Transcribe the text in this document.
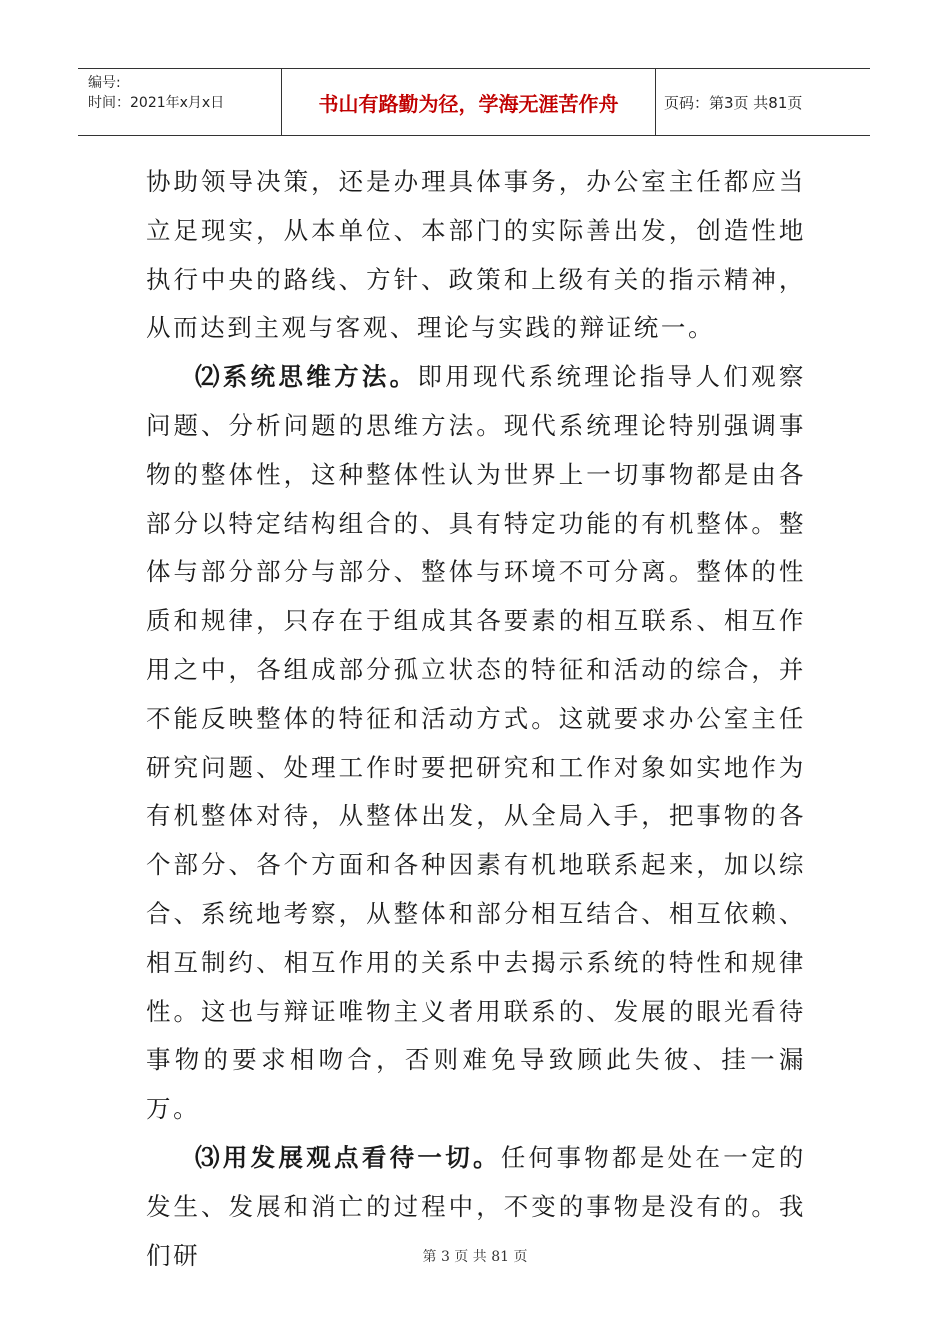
编号:
时间：2021年x月x日	书山有路勤为径，学海无涯苦作舟	页码：第3页 共81页

协助领导决策，还是办理具体事务，办公室主任都应当立足现实，从本单位、本部门的实际善出发，创造性地执行中央的路线、方针、政策和上级有关的指示精神，从而达到主观与客观、理论与实践的辩证统一。

⑵系统思维方法。即用现代系统理论指导人们观察问题、分析问题的思维方法。现代系统理论特别强调事物的整体性，这种整体性认为世界上一切事物都是由各部分以特定结构组合的、具有特定功能的有机整体。整体与部分部分与部分、整体与环境不可分离。整体的性质和规律，只存在于组成其各要素的相互联系、相互作用之中，各组成部分孤立状态的特征和活动的综合，并不能反映整体的特征和活动方式。这就要求办公室主任研究问题、处理工作时要把研究和工作对象如实地作为有机整体对待，从整体出发，从全局入手，把事物的各个部分、各个方面和各种因素有机地联系起来，加以综合、系统地考察，从整体和部分相互结合、相互依赖、相互制约、相互作用的关系中去揭示系统的特性和规律性。这也与辩证唯物主义者用联系的、发展的眼光看待事物的要求相吻合，否则难免导致顾此失彼、挂一漏万。

⑶用发展观点看待一切。任何事物都是处在一定的发生、发展和消亡的过程中，不变的事物是没有的。我们研	第 3 页 共 81 页
